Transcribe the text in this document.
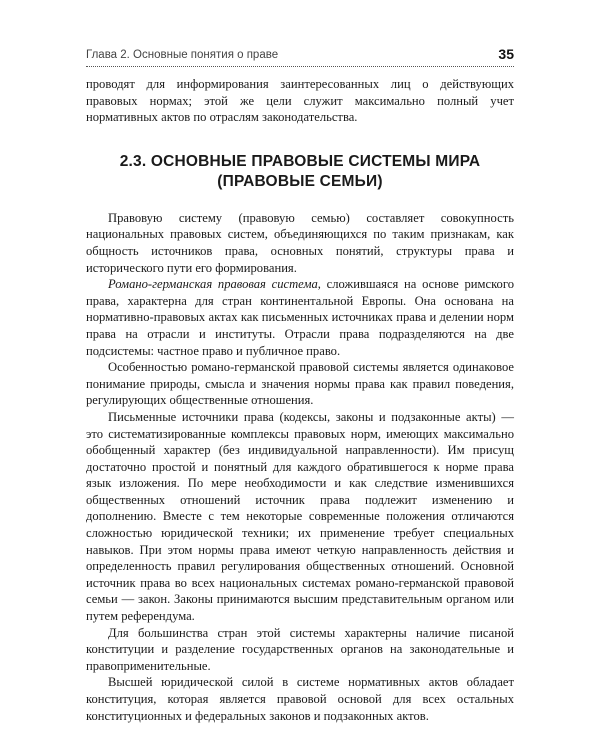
Глава 2. Основные понятия о праве	35

проводят для информирования заинтересованных лиц о действующих правовых нормах; этой же цели служит максимально полный учет нормативных актов по отраслям законодательства.

2.3. ОСНОВНЫЕ ПРАВОВЫЕ СИСТЕМЫ МИРА
(ПРАВОВЫЕ СЕМЬИ)

Правовую систему (правовую семью) составляет совокупность национальных правовых систем, объединяющихся по таким признакам, как общность источников права, основных понятий, структуры права и исторического пути его формирования.

Романо-германская правовая система, сложившаяся на основе римского права, характерна для стран континентальной Европы. Она основана на нормативно-правовых актах как письменных источниках права и делении норм права на отрасли и институты. Отрасли права подразделяются на две подсистемы: частное право и публичное право.

Особенностью романо-германской правовой системы является одинаковое понимание природы, смысла и значения нормы права как правил поведения, регулирующих общественные отношения.

Письменные источники права (кодексы, законы и подзаконные акты) — это систематизированные комплексы правовых норм, имеющих максимально обобщенный характер (без индивидуальной направленности). Им присущ достаточно простой и понятный для каждого обратившегося к норме права язык изложения. По мере необходимости и как следствие изменившихся общественных отношений источник права подлежит изменению и дополнению. Вместе с тем некоторые современные положения отличаются сложностью юридической техники; их применение требует специальных навыков. При этом нормы права имеют четкую направленность действия и определенность правил регулирования общественных отношений. Основной источник права во всех национальных системах романо-германской правовой семьи — закон. Законы принимаются высшим представительным органом или путем референдума.

Для большинства стран этой системы характерны наличие писаной конституции и разделение государственных органов на законодательные и правоприменительные.

Высшей юридической силой в системе нормативных актов обладает конституция, которая является правовой основой для всех остальных конституционных и федеральных законов и подзаконных актов.
